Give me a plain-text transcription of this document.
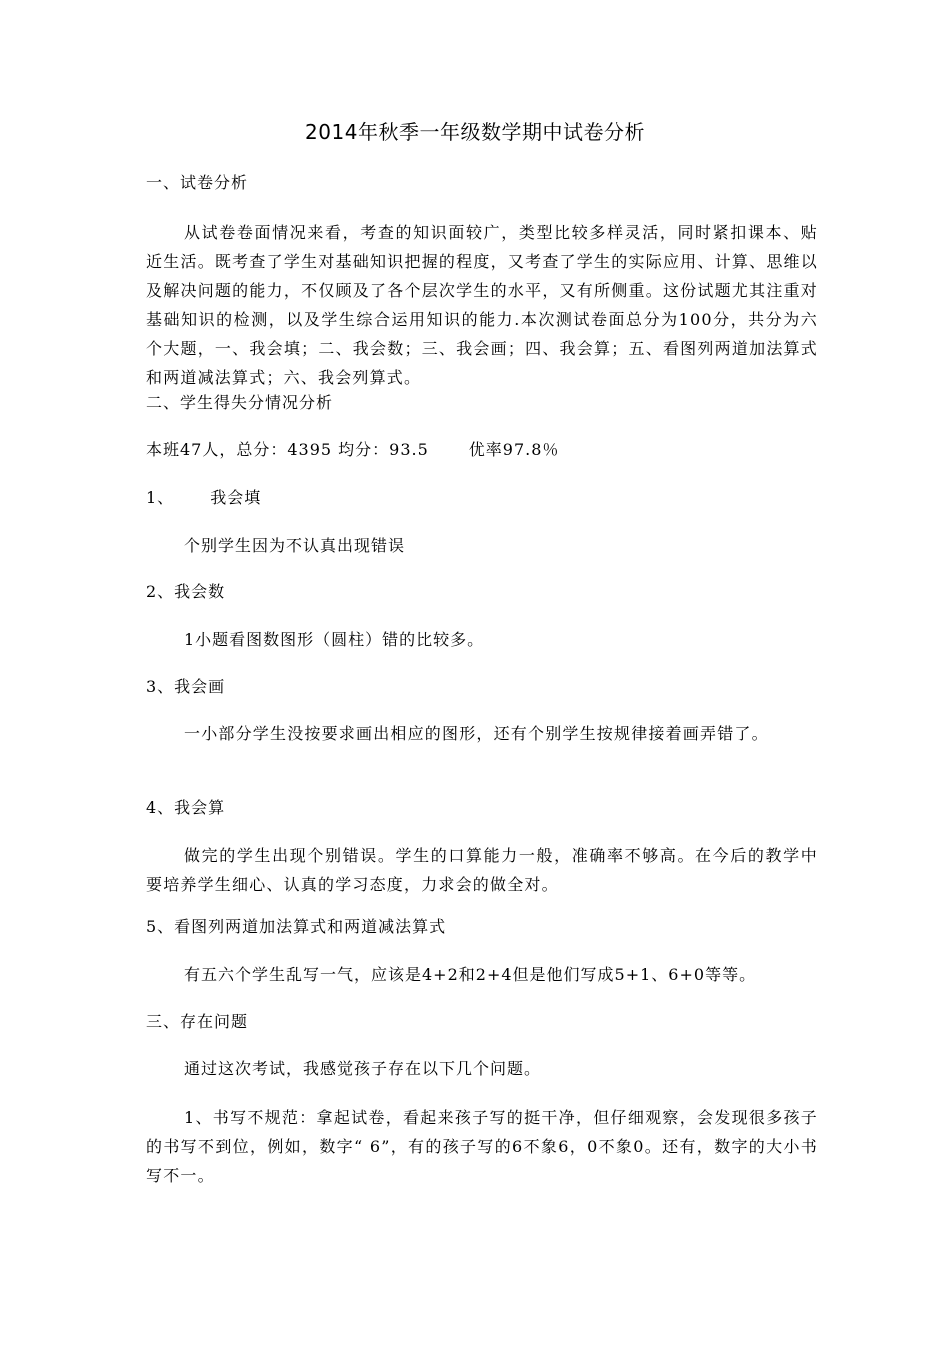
2014年秋季一年级数学期中试卷分析
一、试卷分析
从试卷卷面情况来看，考查的知识面较广，类型比较多样灵活，同时紧扣课本、贴近生活。既考查了学生对基础知识把握的程度，又考查了学生的实际应用、计算、思维以及解决问题的能力，不仅顾及了各个层次学生的水平，又有所侧重。这份试题尤其注重对基础知识的检测，以及学生综合运用知识的能力.本次测试卷面总分为100分，共分为六个大题，一、我会填；二、我会数；三、我会画；四、我会算；五、看图列两道加法算式和两道减法算式；六、我会列算式。
二、学生得失分情况分析
本班47人，总分：4395 均分：93.5	优率97.8％
1、 我会填
个别学生因为不认真出现错误
2、我会数
1小题看图数图形（圆柱）错的比较多。
3、我会画
一小部分学生没按要求画出相应的图形，还有个别学生按规律接着画弄错了。
4、我会算
做完的学生出现个别错误。学生的口算能力一般，准确率不够高。在今后的教学中要培养学生细心、认真的学习态度，力求会的做全对。
5、看图列两道加法算式和两道减法算式
有五六个学生乱写一气，应该是4+2和2+4但是他们写成5+1、6+0等等。
三、存在问题
通过这次考试，我感觉孩子存在以下几个问题。
1、书写不规范：拿起试卷，看起来孩子写的挺干净，但仔细观察，会发现很多孩子的书写不到位，例如，数字“ 6”，有的孩子写的6不象6，0不象0。还有，数字的大小书写不一。
